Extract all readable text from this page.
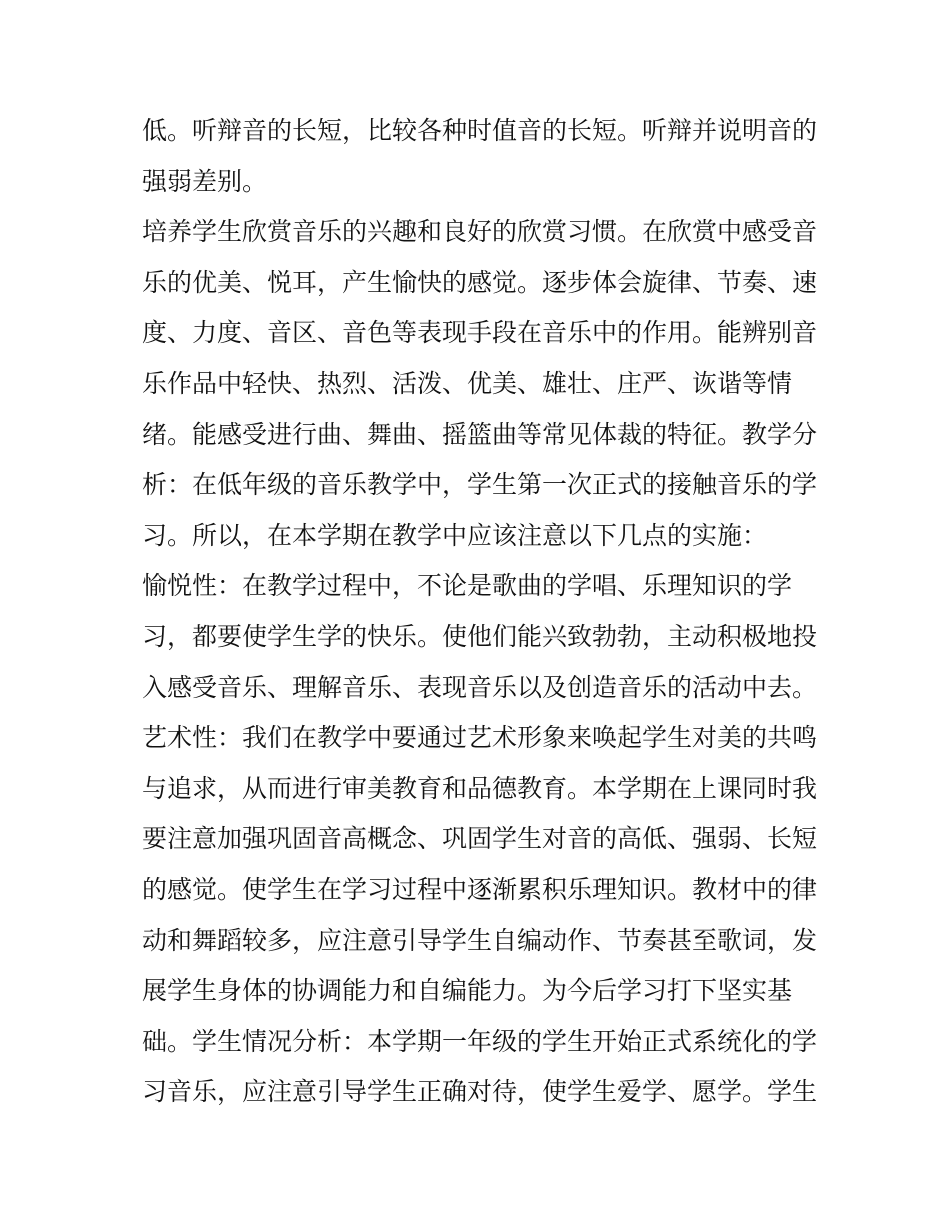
低。听辩音的长短，比较各种时值音的长短。听辩并说明音的
强弱差别。
培养学生欣赏音乐的兴趣和良好的欣赏习惯。在欣赏中感受音
乐的优美、悦耳，产生愉快的感觉。逐步体会旋律、节奏、速
度、力度、音区、音色等表现手段在音乐中的作用。能辨别音
乐作品中轻快、热烈、活泼、优美、雄壮、庄严、诙谐等情
绪。能感受进行曲、舞曲、摇篮曲等常见体裁的特征。教学分
析：在低年级的音乐教学中，学生第一次正式的接触音乐的学
习。所以，在本学期在教学中应该注意以下几点的实施：
愉悦性：在教学过程中，不论是歌曲的学唱、乐理知识的学
习，都要使学生学的快乐。使他们能兴致勃勃，主动积极地投
入感受音乐、理解音乐、表现音乐以及创造音乐的活动中去。
艺术性：我们在教学中要通过艺术形象来唤起学生对美的共鸣
与追求，从而进行审美教育和品德教育。本学期在上课同时我
要注意加强巩固音高概念、巩固学生对音的高低、强弱、长短
的感觉。使学生在学习过程中逐渐累积乐理知识。教材中的律
动和舞蹈较多，应注意引导学生自编动作、节奏甚至歌词，发
展学生身体的协调能力和自编能力。为今后学习打下坚实基
础。学生情况分析：本学期一年级的学生开始正式系统化的学
习音乐，应注意引导学生正确对待，使学生爱学、愿学。学生
